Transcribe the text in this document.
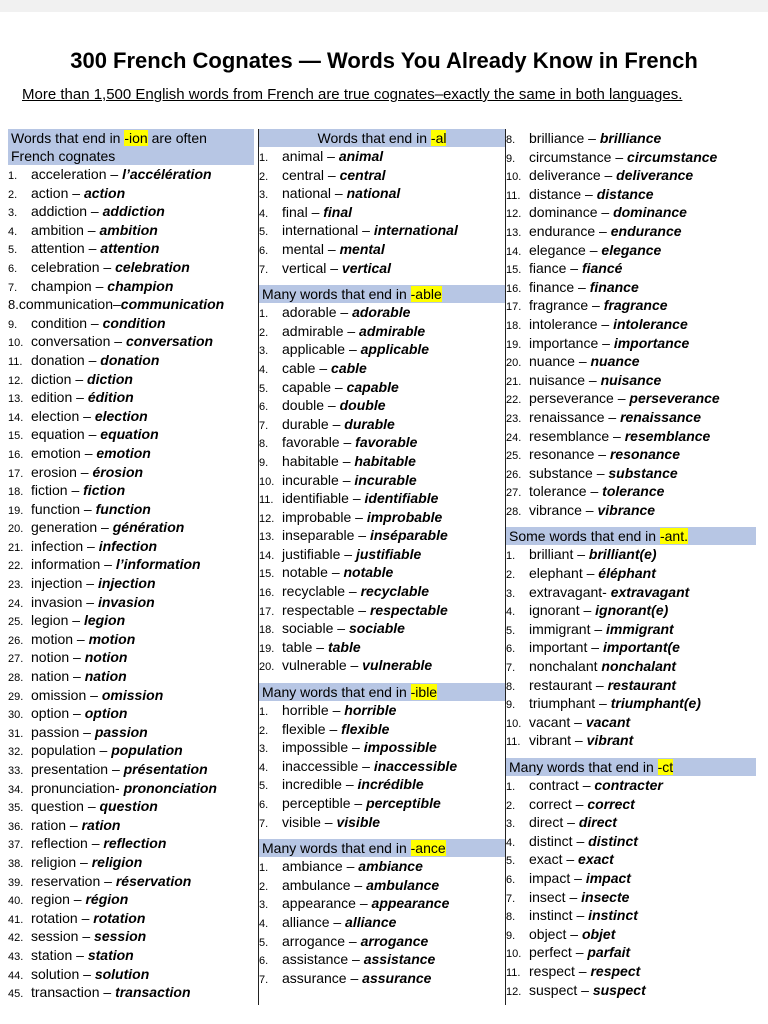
300 French Cognates — Words You Already Know in French
More than 1,500 English words from French are true cognates–exactly the same in both languages.
Words that end in -ion are often French cognates
1. acceleration – l’accélération
2. action – action
3. addiction – addiction
4. ambition – ambition
5. attention – attention
6. celebration – celebration
7. champion – champion
8.communication–communication
9. condition – condition
10. conversation – conversation
11. donation – donation
12. diction – diction
13. edition – édition
14. election – election
15. equation – equation
16. emotion – emotion
17. erosion – érosion
18. fiction – fiction
19. function – function
20. generation – génération
21. infection – infection
22. information – l’information
23. injection – injection
24. invasion – invasion
25. legion – legion
26. motion – motion
27. notion – notion
28. nation – nation
29. omission – omission
30. option – option
31. passion – passion
32. population – population
33. presentation – présentation
34. pronunciation- prononciation
35. question – question
36. ration – ration
37. reflection – reflection
38. religion – religion
39. reservation – réservation
40. region – région
41. rotation – rotation
42. session – session
43. station – station
44. solution – solution
45. transaction – transaction
Words that end in -al
1. animal – animal
2. central – central
3. national – national
4. final – final
5. international – international
6. mental – mental
7. vertical – vertical
Many words that end in -able
1. adorable – adorable
2. admirable – admirable
3. applicable – applicable
4. cable – cable
5. capable – capable
6. double – double
7. durable – durable
8. favorable – favorable
9. habitable – habitable
10. incurable – incurable
11. identifiable – identifiable
12. improbable – improbable
13. inseparable – inséparable
14. justifiable – justifiable
15. notable – notable
16. recyclable – recyclable
17. respectable – respectable
18. sociable – sociable
19. table – table
20. vulnerable – vulnerable
Many words that end in -ible
1. horrible – horrible
2. flexible – flexible
3. impossible – impossible
4. inaccessible – inaccessible
5. incredible – incrédible
6. perceptible – perceptible
7. visible – visible
Many words that end in -ance
1. ambiance – ambiance
2. ambulance – ambulance
3. appearance – appearance
4. alliance – alliance
5. arrogance – arrogance
6. assistance – assistance
7. assurance – assurance
8. brilliance – brilliance
9. circumstance – circumstance
10. deliverance – deliverance
11. distance – distance
12. dominance – dominance
13. endurance – endurance
14. elegance – elegance
15. fiance – fiancé
16. finance – finance
17. fragrance – fragrance
18. intolerance – intolerance
19. importance – importance
20. nuance – nuance
21. nuisance – nuisance
22. perseverance – perseverance
23. renaissance – renaissance
24. resemblance – resemblance
25. resonance – resonance
26. substance – substance
27. tolerance – tolerance
28. vibrance – vibrance
Some words that end in -ant.
1. brilliant – brilliant(e)
2. elephant – éléphant
3. extravagant- extravagant
4. ignorant – ignorant(e)
5. immigrant – immigrant
6. important – important(e
7. nonchalant nonchalant
8. restaurant – restaurant
9. triumphant – triumphant(e)
10. vacant – vacant
11. vibrant – vibrant
Many words that end in -ct
1. contract – contracter
2. correct – correct
3. direct – direct
4. distinct – distinct
5. exact – exact
6. impact – impact
7. insect – insecte
8. instinct – instinct
9. object – objet
10. perfect – parfait
11. respect – respect
12. suspect – suspect
